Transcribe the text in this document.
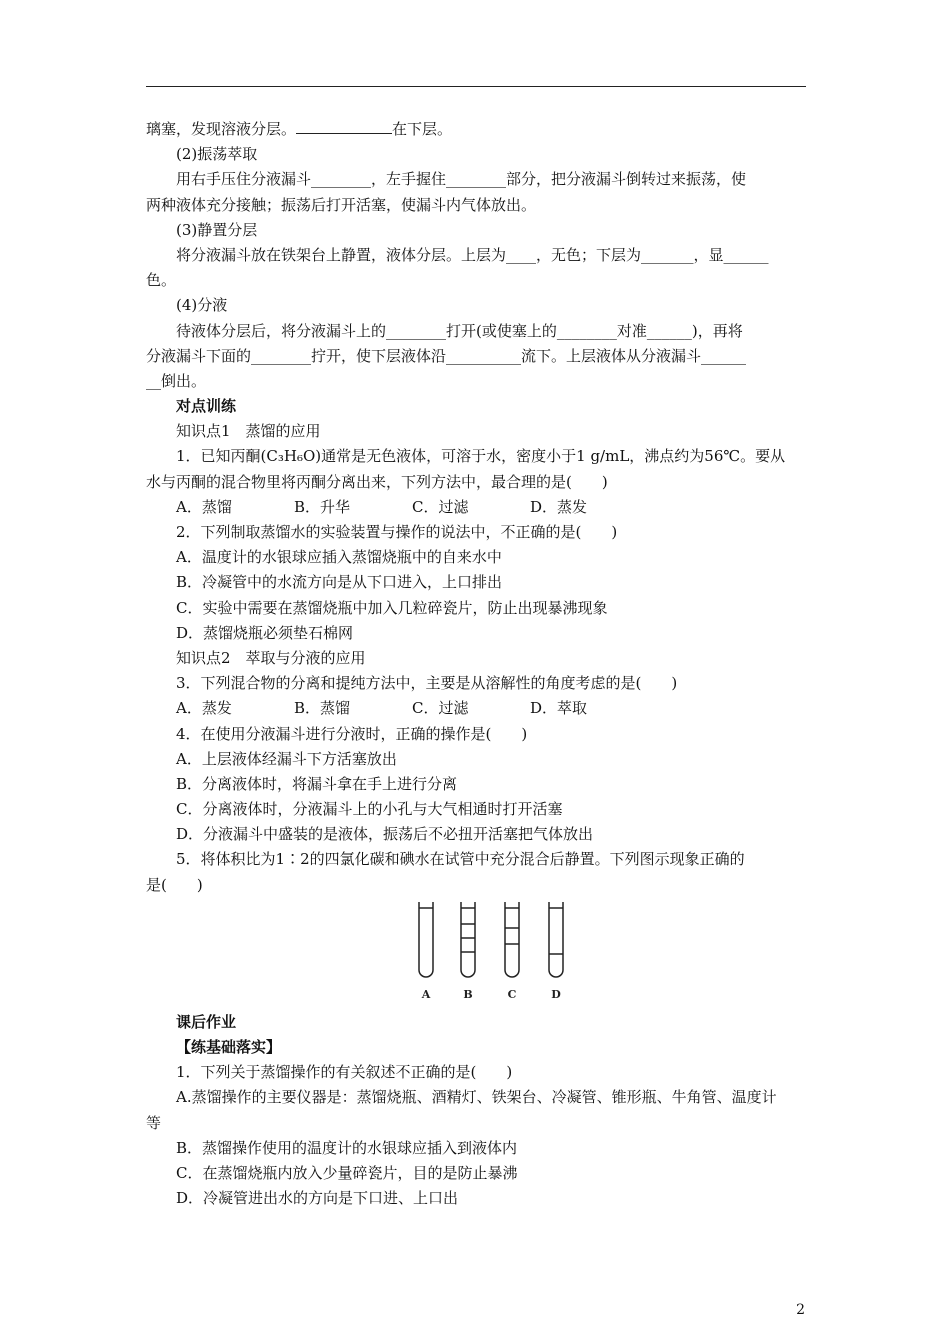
璃塞，发现溶液分层。	在下层。
(2)振荡萃取
用右手压住分液漏斗________，左手握住________部分，把分液漏斗倒转过来振荡，使
两种液体充分接触；振荡后打开活塞，使漏斗内气体放出。
(3)静置分层
将分液漏斗放在铁架台上静置，液体分层。上层为____，无色；下层为_______，显______
色。
(4)分液
待液体分层后，将分液漏斗上的________打开(或使塞上的________对准______)，再将
分液漏斗下面的________拧开，使下层液体沿__________流下。上层液体从分液漏斗______
__倒出。
对点训练
知识点1　蒸馏的应用
1．已知丙酮(C₃H₆O)通常是无色液体，可溶于水，密度小于1 g/mL，沸点约为56℃。要从
水与丙酮的混合物里将丙酮分离出来，下列方法中，最合理的是(　　)
A．蒸馏	B．升华	C．过滤	D．蒸发
2．下列制取蒸馏水的实验装置与操作的说法中，不正确的是(　　)
A．温度计的水银球应插入蒸馏烧瓶中的自来水中
B．冷凝管中的水流方向是从下口进入，上口排出
C．实验中需要在蒸馏烧瓶中加入几粒碎瓷片，防止出现暴沸现象
D．蒸馏烧瓶必须垫石棉网
知识点2　萃取与分液的应用
3．下列混合物的分离和提纯方法中，主要是从溶解性的角度考虑的是(　　)
A．蒸发	B．蒸馏	C．过滤	D．萃取
4．在使用分液漏斗进行分液时，正确的操作是(　　)
A．上层液体经漏斗下方活塞放出
B．分离液体时，将漏斗拿在手上进行分离
C．分离液体时，分液漏斗上的小孔与大气相通时打开活塞
D．分液漏斗中盛装的是液体，振荡后不必扭开活塞把气体放出
5．将体积比为1∶2的四氯化碳和碘水在试管中充分混合后静置。下列图示现象正确的
是(　　)
A	B	C	D
课后作业
【练基础落实】
1．下列关于蒸馏操作的有关叙述不正确的是(　　)
A.蒸馏操作的主要仪器是：蒸馏烧瓶、酒精灯、铁架台、冷凝管、锥形瓶、牛角管、温度计
等
B．蒸馏操作使用的温度计的水银球应插入到液体内
C．在蒸馏烧瓶内放入少量碎瓷片，目的是防止暴沸
D．冷凝管进出水的方向是下口进、上口出
2
